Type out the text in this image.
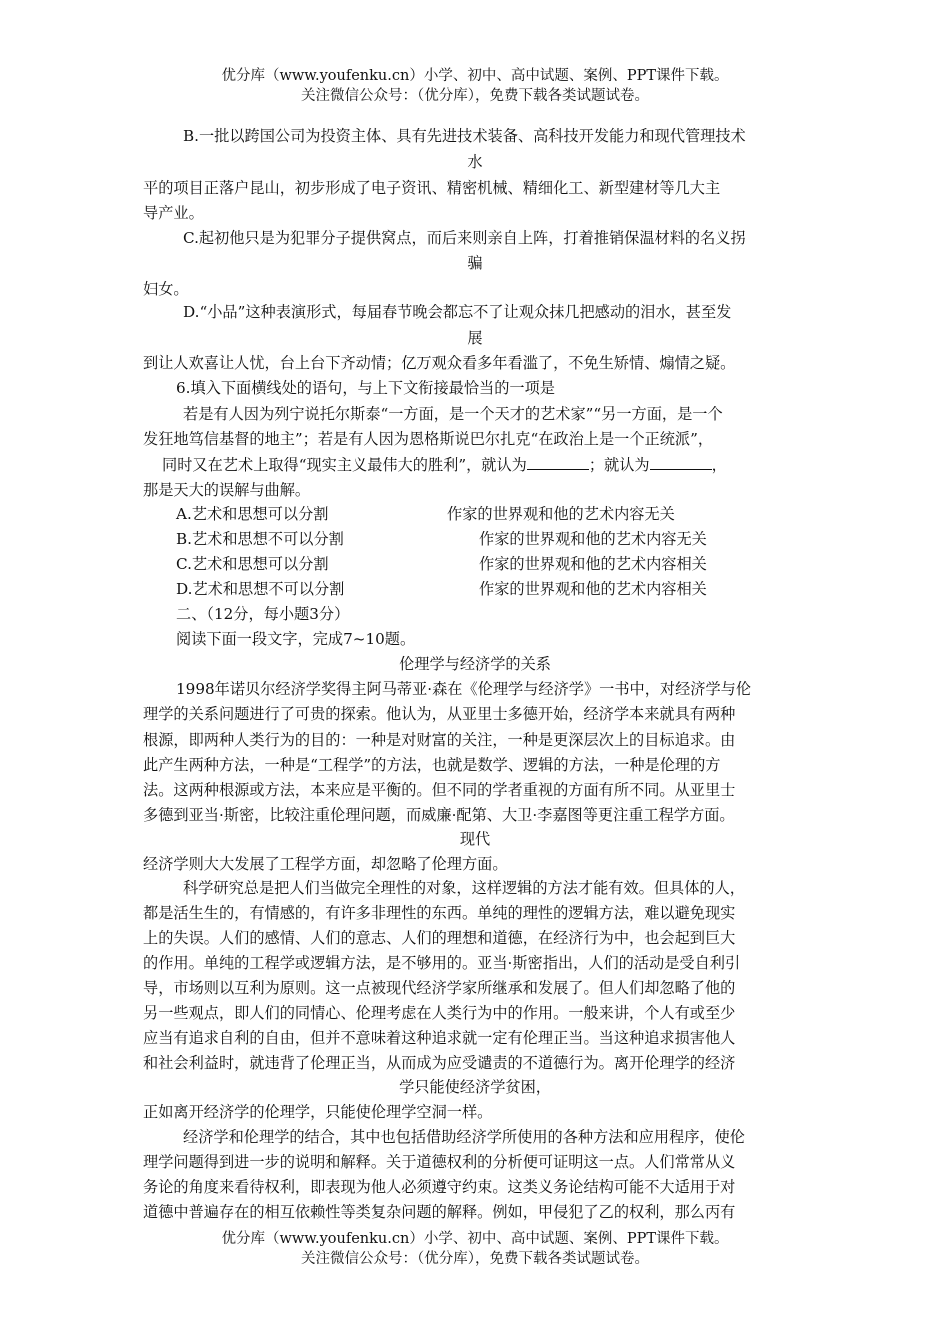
优分库（www.youfenku.cn）小学、初中、高中试题、案例、PPT课件下载。
关注微信公众号：（优分库），免费下载各类试题试卷。
B.一批以跨国公司为投资主体、具有先进技术装备、高科技开发能力和现代管理技术
水
平的项目正落户昆山，初步形成了电子资讯、精密机械、精细化工、新型建材等几大主
导产业。
C.起初他只是为犯罪分子提供窝点，而后来则亲自上阵，打着推销保温材料的名义拐
骗
妇女。
D.“小品”这种表演形式，每届春节晚会都忘不了让观众抹几把感动的泪水，甚至发
展
到让人欢喜让人忧，台上台下齐动情；亿万观众看多年看滥了，不免生矫情、煽情之疑。
6.填入下面横线处的语句，与上下文衔接最恰当的一项是
若是有人因为列宁说托尔斯泰“一方面，是一个天才的艺术家”“另一方面，是一个
发狂地笃信基督的地主”；若是有人因为恩格斯说巴尔扎克“在政治上是一个正统派”，
同时又在艺术上取得“现实主义最伟大的胜利”，就认为	；就认为	，
那是天大的误解与曲解。
A.艺术和思想可以分割	作家的世界观和他的艺术内容无关
B.艺术和思想不可以分割	作家的世界观和他的艺术内容无关
C.艺术和思想可以分割	作家的世界观和他的艺术内容相关
D.艺术和思想不可以分割	作家的世界观和他的艺术内容相关
二、（12分，每小题3分）
阅读下面一段文字，完成7~10题。
伦理学与经济学的关系
1998年诺贝尔经济学奖得主阿马蒂亚·森在《伦理学与经济学》一书中，对经济学与伦
理学的关系问题进行了可贵的探索。他认为，从亚里士多德开始，经济学本来就具有两种
根源，即两种人类行为的目的：一种是对财富的关注，一种是更深层次上的目标追求。由
此产生两种方法，一种是“工程学”的方法，也就是数学、逻辑的方法，一种是伦理的方
法。这两种根源或方法，本来应是平衡的。但不同的学者重视的方面有所不同。从亚里士
多德到亚当·斯密，比较注重伦理问题，而威廉·配第、大卫·李嘉图等更注重工程学方面。
现代
经济学则大大发展了工程学方面，却忽略了伦理方面。
科学研究总是把人们当做完全理性的对象，这样逻辑的方法才能有效。但具体的人，
都是活生生的，有情感的，有许多非理性的东西。单纯的理性的逻辑方法，难以避免现实
上的失误。人们的感情、人们的意志、人们的理想和道德，在经济行为中，也会起到巨大
的作用。单纯的工程学或逻辑方法，是不够用的。亚当·斯密指出，人们的活动是受自利引
导，市场则以互利为原则。这一点被现代经济学家所继承和发展了。但人们却忽略了他的
另一些观点，即人们的同情心、伦理考虑在人类行为中的作用。一般来讲，个人有或至少
应当有追求自利的自由，但并不意味着这种追求就一定有伦理正当。当这种追求损害他人
和社会利益时，就违背了伦理正当，从而成为应受谴责的不道德行为。离开伦理学的经济
学只能使经济学贫困，
正如离开经济学的伦理学，只能使伦理学空洞一样。
经济学和伦理学的结合，其中也包括借助经济学所使用的各种方法和应用程序，使伦
理学问题得到进一步的说明和解释。关于道德权利的分析便可证明这一点。人们常常从义
务论的角度来看待权利，即表现为他人必须遵守约束。这类义务论结构可能不大适用于对
道德中普遍存在的相互依赖性等类复杂问题的解释。例如，甲侵犯了乙的权利，那么丙有
优分库（www.youfenku.cn）小学、初中、高中试题、案例、PPT课件下载。
关注微信公众号：（优分库），免费下载各类试题试卷。
